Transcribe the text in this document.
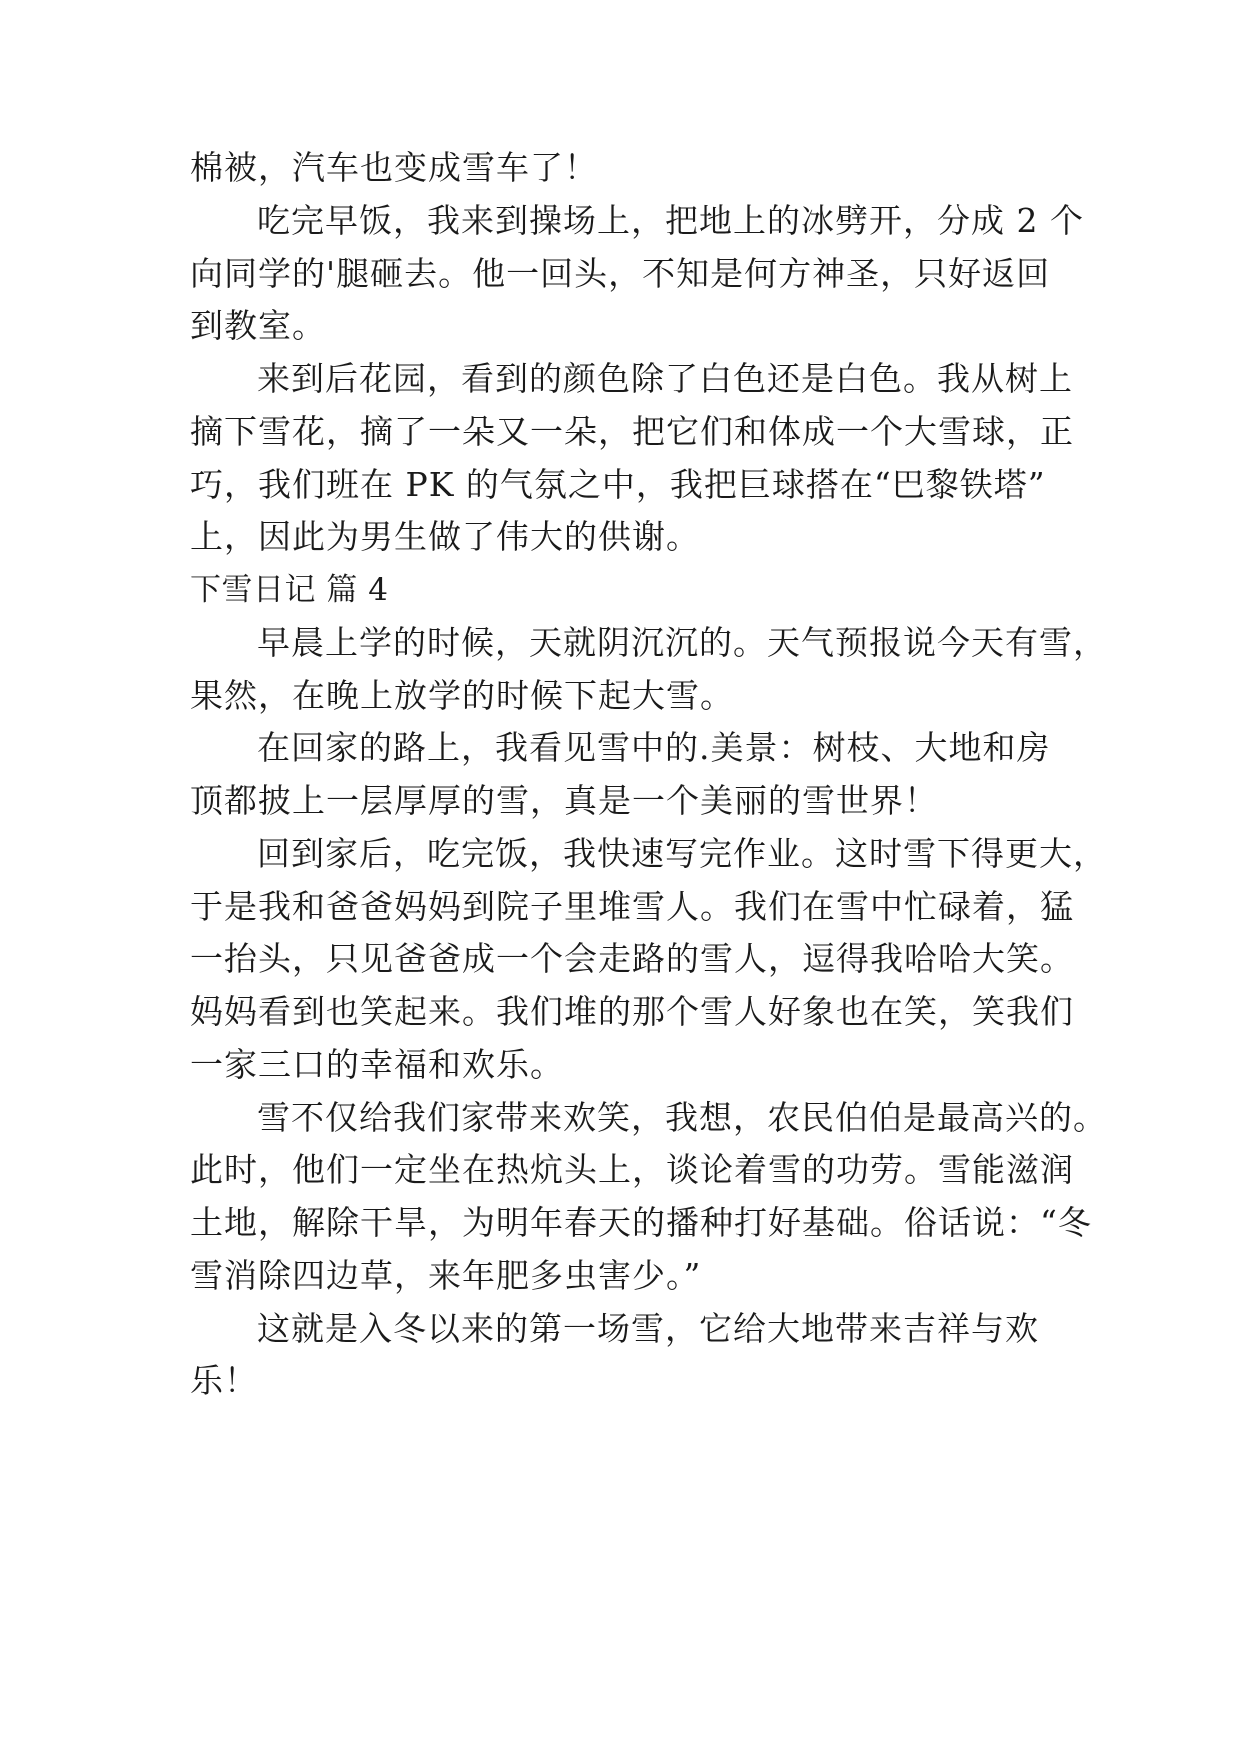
棉被，汽车也变成雪车了！
吃完早饭，我来到操场上，把地上的冰劈开，分成 2 个
向同学的'腿砸去。他一回头，不知是何方神圣，只好返回
到教室。
来到后花园，看到的颜色除了白色还是白色。我从树上
摘下雪花，摘了一朵又一朵，把它们和体成一个大雪球，正
巧，我们班在 PK 的气氛之中，我把巨球搭在“巴黎铁塔”
上，因此为男生做了伟大的供谢。
下雪日记 篇 4
早晨上学的时候，天就阴沉沉的。天气预报说今天有雪，
果然，在晚上放学的时候下起大雪。
在回家的路上，我看见雪中的.美景：树枝、大地和房
顶都披上一层厚厚的雪，真是一个美丽的雪世界！
回到家后，吃完饭，我快速写完作业。这时雪下得更大，
于是我和爸爸妈妈到院子里堆雪人。我们在雪中忙碌着，猛
一抬头，只见爸爸成一个会走路的雪人，逗得我哈哈大笑。
妈妈看到也笑起来。我们堆的那个雪人好象也在笑，笑我们
一家三口的幸福和欢乐。
雪不仅给我们家带来欢笑，我想，农民伯伯是最高兴的。
此时，他们一定坐在热炕头上，谈论着雪的功劳。雪能滋润
土地，解除干旱，为明年春天的播种打好基础。俗话说：“冬
雪消除四边草，来年肥多虫害少。”
这就是入冬以来的第一场雪，它给大地带来吉祥与欢
乐！
